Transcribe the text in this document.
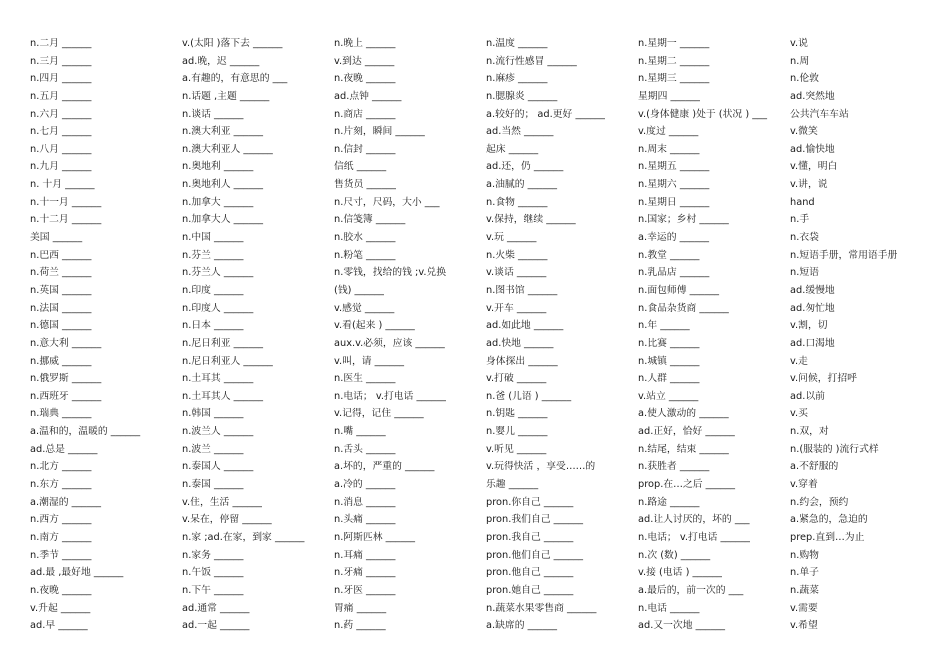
n.二月 ______
n.三月 ______
n.四月 ______
n.五月 ______
n.六月 ______
n.七月 ______
n.八月 ______
n.九月 ______
n. 十月 ______
n.十一月 ______
n.十二月 ______
美国 ______
n.巴西 ______
n.荷兰 ______
n.英国 ______
n.法国 ______
n.德国 ______
n.意大利 ______
n.挪威 ______
n.俄罗斯 ______
n.西班牙 ______
n.瑞典 ______
a.温和的，温暖的 ______
ad.总是 ______
n.北方 ______
n.东方 ______
a.潮湿的 ______
n.西方 ______
n.南方 ______
n.季节 ______
ad.最 ,最好地 ______
n.夜晚 ______
v.升起 ______
ad.早 ______
v.(太阳 )落下去 ______
ad.晚，迟 ______
a.有趣的，有意思的 ___
n.话题 ,主题 ______
n.谈话 ______
n.澳大利亚 ______
n.澳大利亚人 ______
n.奥地利 ______
n.奥地利人 ______
n.加拿大 ______
n.加拿大人 ______
n.中国 ______
n.芬兰 ______
n.芬兰人 ______
n.印度 ______
n.印度人 ______
n.日本 ______
n.尼日利亚 ______
n.尼日利亚人 ______
n.土耳其 ______
n.土耳其人 ______
n.韩国 ______
n.波兰人 ______
n.波兰 ______
n.泰国人 ______
n.泰国 ______
v.住，生活 ______
v.呆在，停留 ______
n.家 ;ad.在家，到家 ______
n.家务 ______
n.午饭 ______
n.下午 ______
ad.通常 ______
ad.一起 ______
n.晚上 ______
v.到达 ______
n.夜晚 ______
ad.点钟 ______
n.商店 ______
n.片刻，瞬间 ______
n.信封 ______
信纸 ______
售货员 ______
n.尺寸，尺码，大小 ___
n.信笺簿 ______
n.胶水 ______
n.粉笔 ______
n.零钱，找给的钱 ;v.兑换
(钱) ______
v.感觉 ______
v.看(起来 ) ______
aux.v.必须，应该 ______
v.叫，请 ______
n.医生 ______
n.电话； v.打电话 ______
v.记得，记住 ______
n.嘴 ______
n.舌头 ______
a.坏的，严重的 ______
a.冷的 ______
n.消息 ______
n.头痛 ______
n.阿斯匹林 ______
n.耳痛 ______
n.牙痛 ______
n.牙医 ______
胃痛 ______
n.药 ______
n.温度 ______
n.流行性感冒 ______
n.麻疹 ______
n.腮腺炎 ______
a.较好的； ad.更好 ______
ad.当然 ______
起床 ______
ad.还，仍 ______
a.油腻的 ______
n.食物 ______
v.保持，继续 ______
v.玩 ______
n.火柴 ______
v.谈话 ______
n.图书馆 ______
v.开车 ______
ad.如此地 ______
ad.快地 ______
身体探出 ______
v.打破 ______
n.爸 (儿语 ) ______
n.钥匙 ______
n.婴儿 ______
v.听见 ______
v.玩得快活 ，享受……的
乐趣 ______
pron.你自己 ______
pron.我们自己 ______
pron.我自己 ______
pron.他们自己 ______
pron.他自己 ______
pron.她自己 ______
n.蔬菜水果零售商 ______
a.缺席的 ______
n.星期一 ______
n.星期二 ______
n.星期三 ______
星期四 ______
v.(身体健康 )处于 (状况 ) ___
v.度过 ______
n.周末 ______
n.星期五 ______
n.星期六 ______
n.星期日 ______
n.国家；乡村 ______
a.幸运的 ______
n.教堂 ______
n.乳品店 ______
n.面包师傅 ______
n.食品杂货商 ______
n.年 ______
n.比赛 ______
n.城镇 ______
n.人群 ______
v.站立 ______
a.使人激动的 ______
ad.正好，恰好 ______
n.结尾，结束 ______
n.获胜者 ______
prop.在…之后 ______
n.路途 ______
ad.让人讨厌的，坏的 ___
n.电话； v.打电话 ______
n.次 (数) ______
v.接 (电话 ) ______
a.最后的，前一次的 ___
n.电话 ______
ad.又一次地 ______
v.说
n.周
n.伦敦
ad.突然地
公共汽车车站
v.微笑
ad.愉快地
v.懂，明白
v.讲，说
hand
n.手
n.衣袋
n.短语手册，常用语手册
n.短语
ad.缓慢地
ad.匆忙地
v.割，切
ad.口渴地
v.走
v.问候，打招呼
ad.以前
v.买
n.双，对
n.(服装的 )流行式样
a.不舒服的
v.穿着
n.约会，预约
a.紧急的，急迫的
prep.直到…为止
n.购物
n.单子
n.蔬菜
v.需要
v.希望
